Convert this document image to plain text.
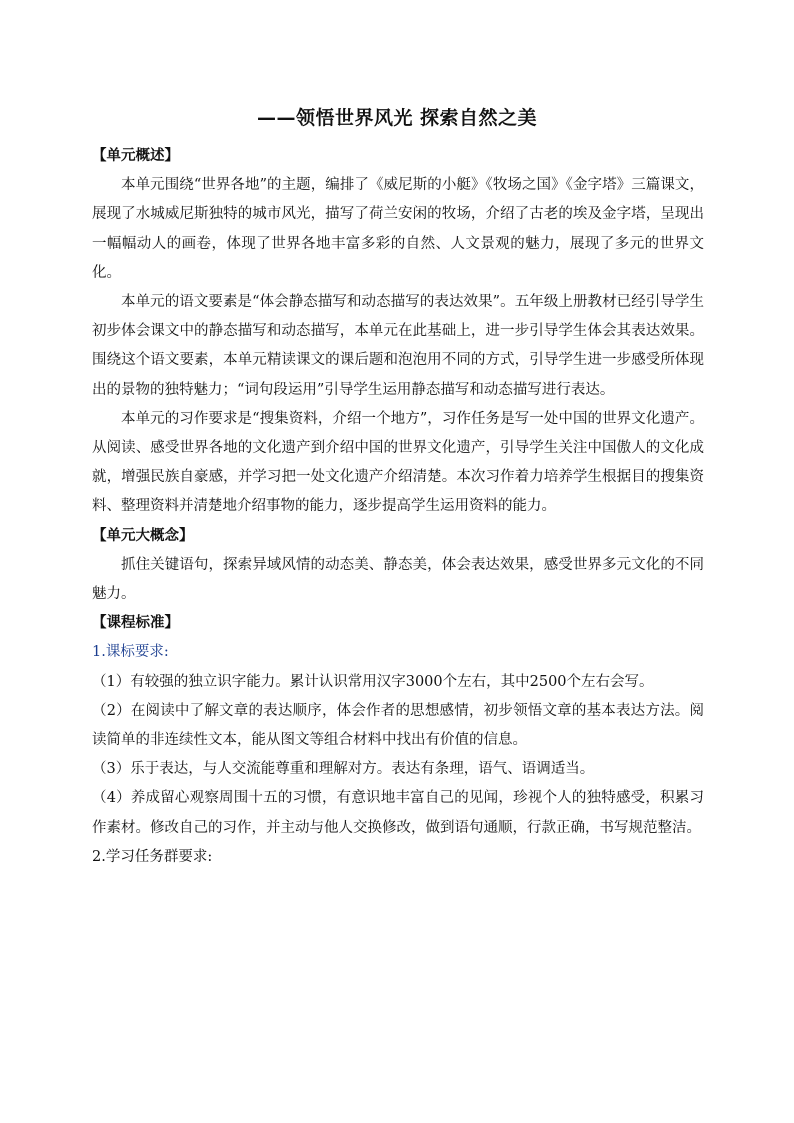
——领悟世界风光 探索自然之美

【单元概述】

本单元围绕“世界各地”的主题，编排了《威尼斯的小艇》《牧场之国》《金字塔》三篇课文，展现了水城威尼斯独特的城市风光，描写了荷兰安闲的牧场，介绍了古老的埃及金字塔，呈现出一幅幅动人的画卷，体现了世界各地丰富多彩的自然、人文景观的魅力，展现了多元的世界文化。

本单元的语文要素是“体会静态描写和动态描写的表达效果”。五年级上册教材已经引导学生初步体会课文中的静态描写和动态描写，本单元在此基础上，进一步引导学生体会其表达效果。围绕这个语文要素，本单元精读课文的课后题和泡泡用不同的方式，引导学生进一步感受所体现出的景物的独特魅力；“词句段运用”引导学生运用静态描写和动态描写进行表达。

本单元的习作要求是“搜集资料，介绍一个地方”，习作任务是写一处中国的世界文化遗产。从阅读、感受世界各地的文化遗产到介绍中国的世界文化遗产，引导学生关注中国傲人的文化成就，增强民族自豪感，并学习把一处文化遗产介绍清楚。本次习作着力培养学生根据目的搜集资料、整理资料并清楚地介绍事物的能力，逐步提高学生运用资料的能力。

【单元大概念】

抓住关键语句，探索异域风情的动态美、静态美，体会表达效果，感受世界多元文化的不同魅力。

【课程标准】

1.课标要求:

（1）有较强的独立识字能力。累计认识常用汉字3000个左右，其中2500个左右会写。

（2）在阅读中了解文章的表达顺序，体会作者的思想感情，初步领悟文章的基本表达方法。阅读简单的非连续性文本，能从图文等组合材料中找出有价值的信息。

（3）乐于表达，与人交流能尊重和理解对方。表达有条理，语气、语调适当。

（4）养成留心观察周围十五的习惯，有意识地丰富自己的见闻，珍视个人的独特感受，积累习作素材。修改自己的习作，并主动与他人交换修改，做到语句通顺，行款正确，书写规范整洁。

2.学习任务群要求:
